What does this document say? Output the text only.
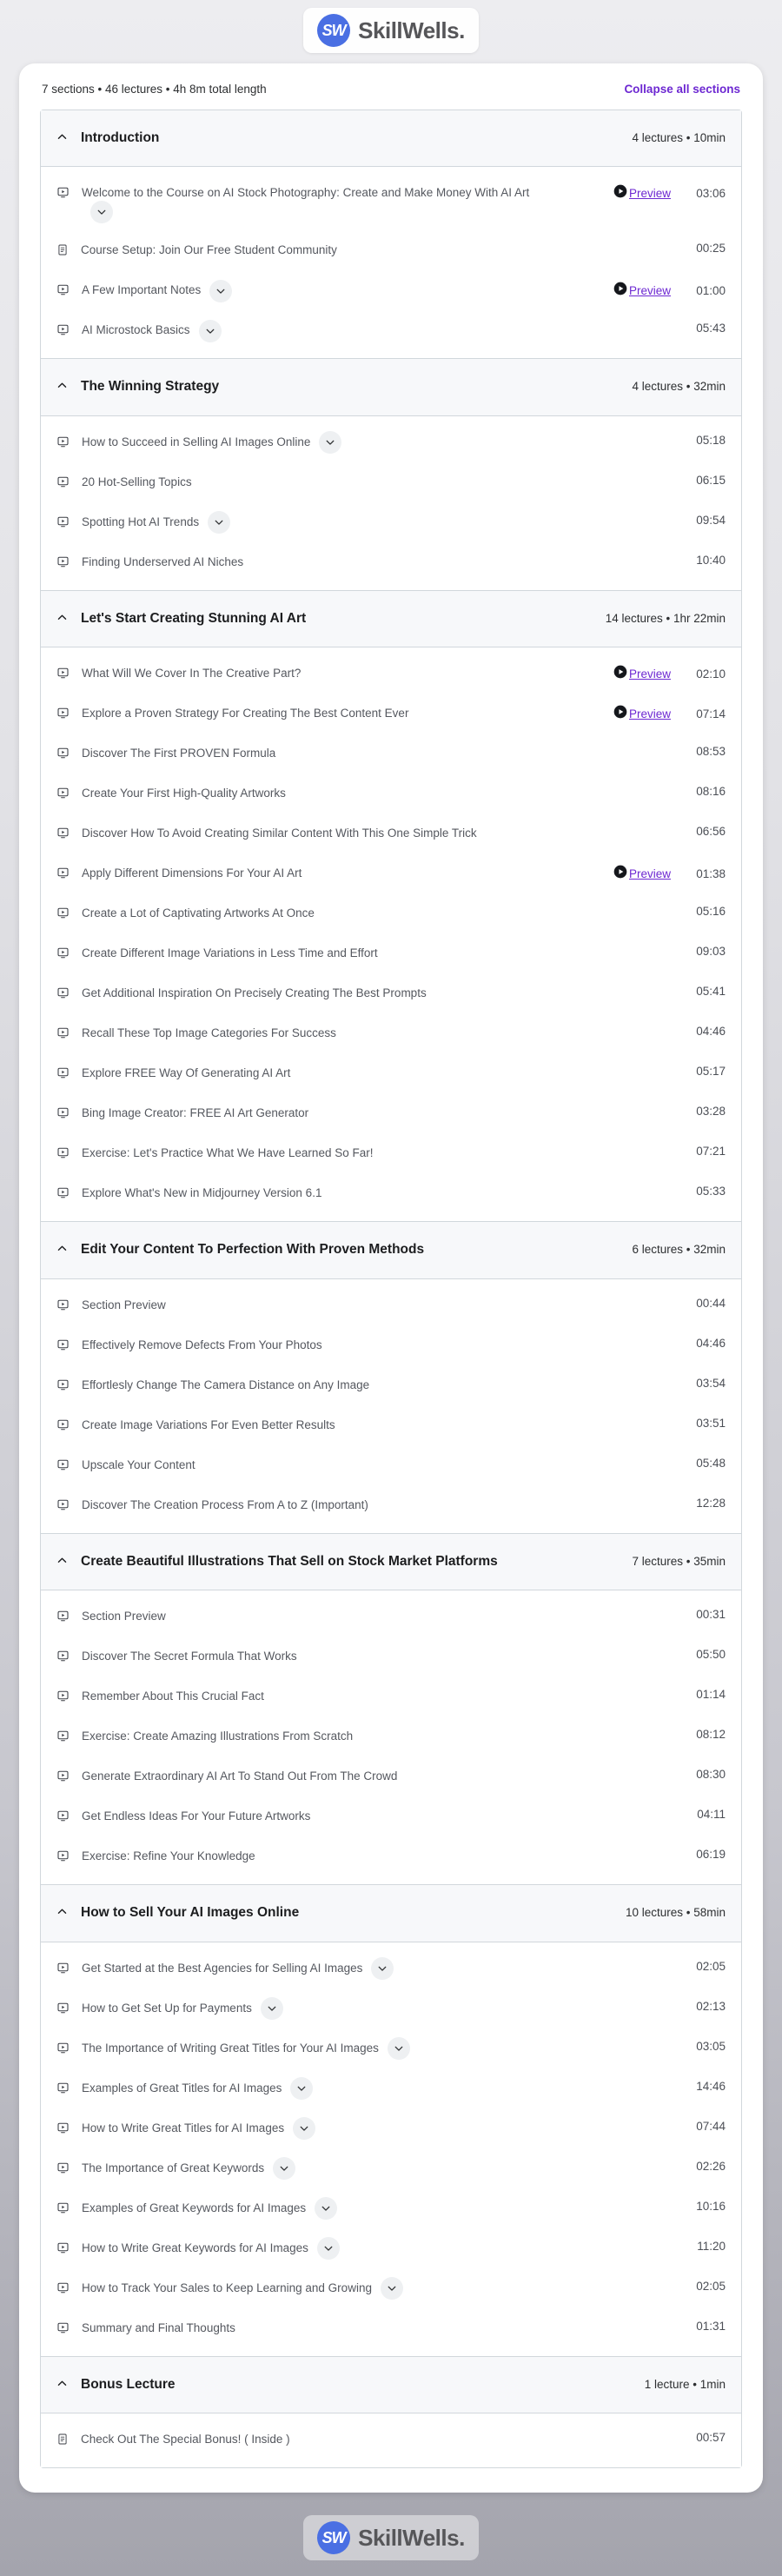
SW SkillWells.
7 sections • 46 lectures • 4h 8m total length	Collapse all sections
Introduction	4 lectures • 10min
Welcome to the Course on AI Stock Photography: Create and Make Money With AI Art	Preview 03:06
Course Setup: Join Our Free Student Community	00:25
A Few Important Notes	Preview 01:00
AI Microstock Basics	05:43
The Winning Strategy	4 lectures • 32min
How to Succeed in Selling AI Images Online	05:18
20 Hot-Selling Topics	06:15
Spotting Hot AI Trends	09:54
Finding Underserved AI Niches	10:40
Let's Start Creating Stunning AI Art	14 lectures • 1hr 22min
What Will We Cover In The Creative Part?	Preview 02:10
Explore a Proven Strategy For Creating The Best Content Ever	Preview 07:14
Discover The First PROVEN Formula	08:53
Create Your First High-Quality Artworks	08:16
Discover How To Avoid Creating Similar Content With This One Simple Trick	06:56
Apply Different Dimensions For Your AI Art	Preview 01:38
Create a Lot of Captivating Artworks At Once	05:16
Create Different Image Variations in Less Time and Effort	09:03
Get Additional Inspiration On Precisely Creating The Best Prompts	05:41
Recall These Top Image Categories For Success	04:46
Explore FREE Way Of Generating AI Art	05:17
Bing Image Creator: FREE AI Art Generator	03:28
Exercise: Let's Practice What We Have Learned So Far!	07:21
Explore What's New in Midjourney Version 6.1	05:33
Edit Your Content To Perfection With Proven Methods	6 lectures • 32min
Section Preview	00:44
Effectively Remove Defects From Your Photos	04:46
Effortlesly Change The Camera Distance on Any Image	03:54
Create Image Variations For Even Better Results	03:51
Upscale Your Content	05:48
Discover The Creation Process From A to Z (Important)	12:28
Create Beautiful Illustrations That Sell on Stock Market Platforms	7 lectures • 35min
Section Preview	00:31
Discover The Secret Formula That Works	05:50
Remember About This Crucial Fact	01:14
Exercise: Create Amazing Illustrations From Scratch	08:12
Generate Extraordinary AI Art To Stand Out From The Crowd	08:30
Get Endless Ideas For Your Future Artworks	04:11
Exercise: Refine Your Knowledge	06:19
How to Sell Your AI Images Online	10 lectures • 58min
Get Started at the Best Agencies for Selling AI Images	02:05
How to Get Set Up for Payments	02:13
The Importance of Writing Great Titles for Your AI Images	03:05
Examples of Great Titles for AI Images	14:46
How to Write Great Titles for AI Images	07:44
The Importance of Great Keywords	02:26
Examples of Great Keywords for AI Images	10:16
How to Write Great Keywords for AI Images	11:20
How to Track Your Sales to Keep Learning and Growing	02:05
Summary and Final Thoughts	01:31
Bonus Lecture	1 lecture • 1min
Check Out The Special Bonus! ( Inside )	00:57
SW SkillWells.
